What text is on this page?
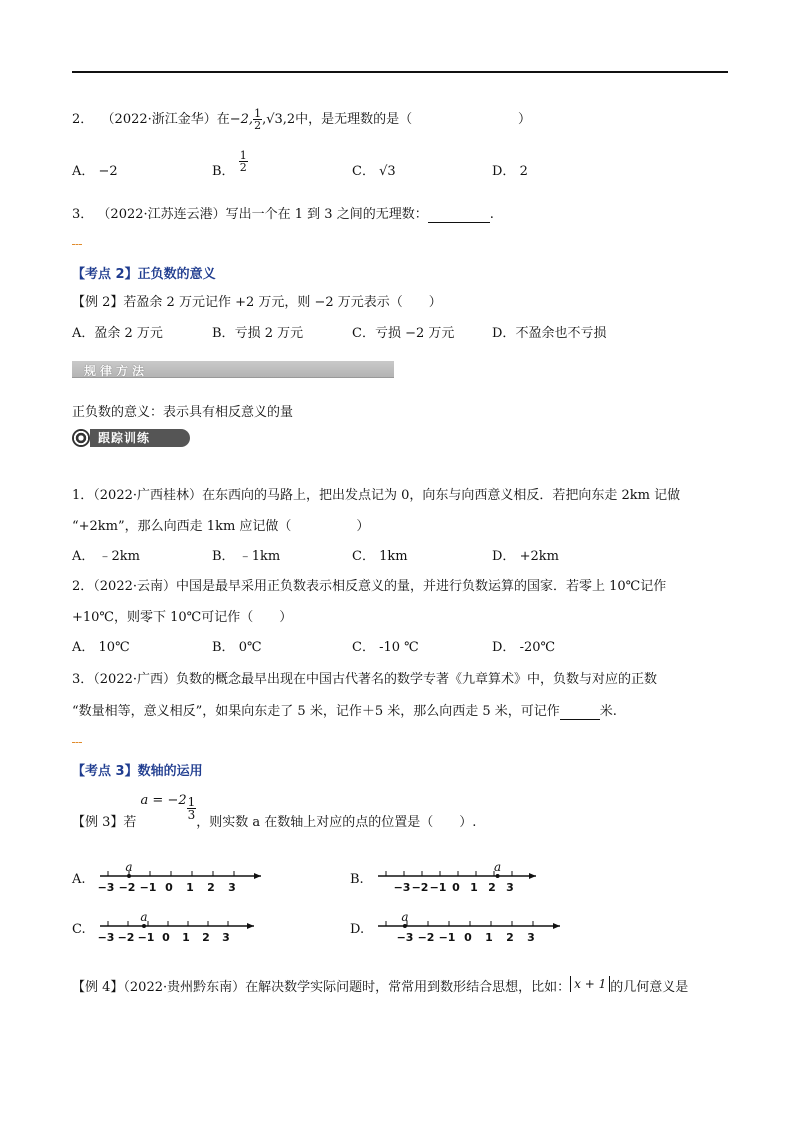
2． （2022·浙江金华）在−2, $\frac{1}{2} ,√3,2$中，是无理数的是（	）
A． −2	B． $\frac{1}{2}$	C． √3	D． 2
3． （2022·江苏连云港）写出一个在 1 到 3 之间的无理数：	.
【考点 2】正负数的意义
【例 2】若盈余 2 万元记作 +2 万元，则 −2 万元表示（　　）
A．盈余 2 万元	B．亏损 2 万元	C．亏损 −2 万元	D．不盈余也不亏损
规律方法
正负数的意义：表示具有相反意义的量
跟踪训练
1．（2022·广西桂林）在东西向的马路上，把出发点记为 0，向东与向西意义相反．若把向东走 2km 记做
“+2km”，那么向西走 1km 应记做（　　　　　）
A． ﹣2km	B． ﹣1km	C． 1km	D． +2km
2．（2022·云南）中国是最早采用正负数表示相反意义的量，并进行负数运算的国家．若零上 10℃记作
+10℃，则零下 10℃可记作（　　）
A． 10℃	B． 0℃	C． -10 ℃	D． -20℃
3．（2022·广西）负数的概念最早出现在中国古代著名的数学专著《九章算术》中，负数与对应的正数
“数量相等，意义相反”，如果向东走了 5 米，记作＋5 米，那么向西走 5 米，可记作	米.
【考点 3】数轴的运用
【例 3】若 $a = -2 \frac{1}{3}$
，则实数 a 在数轴上对应的点的位置是（　　）.
A.
−3 −2 −1 0 1 2 3
a
B.
−3 −2 −1 0 1 2 3
a
C.
−3 −2 −1 0 1 2 3
a
D.
−3 −2 −1 0 1 2 3
a
【例 4】（2022·贵州黔东南）在解决数学实际问题时，常常用到数形结合思想，比如： x + 1 的几何意义是
